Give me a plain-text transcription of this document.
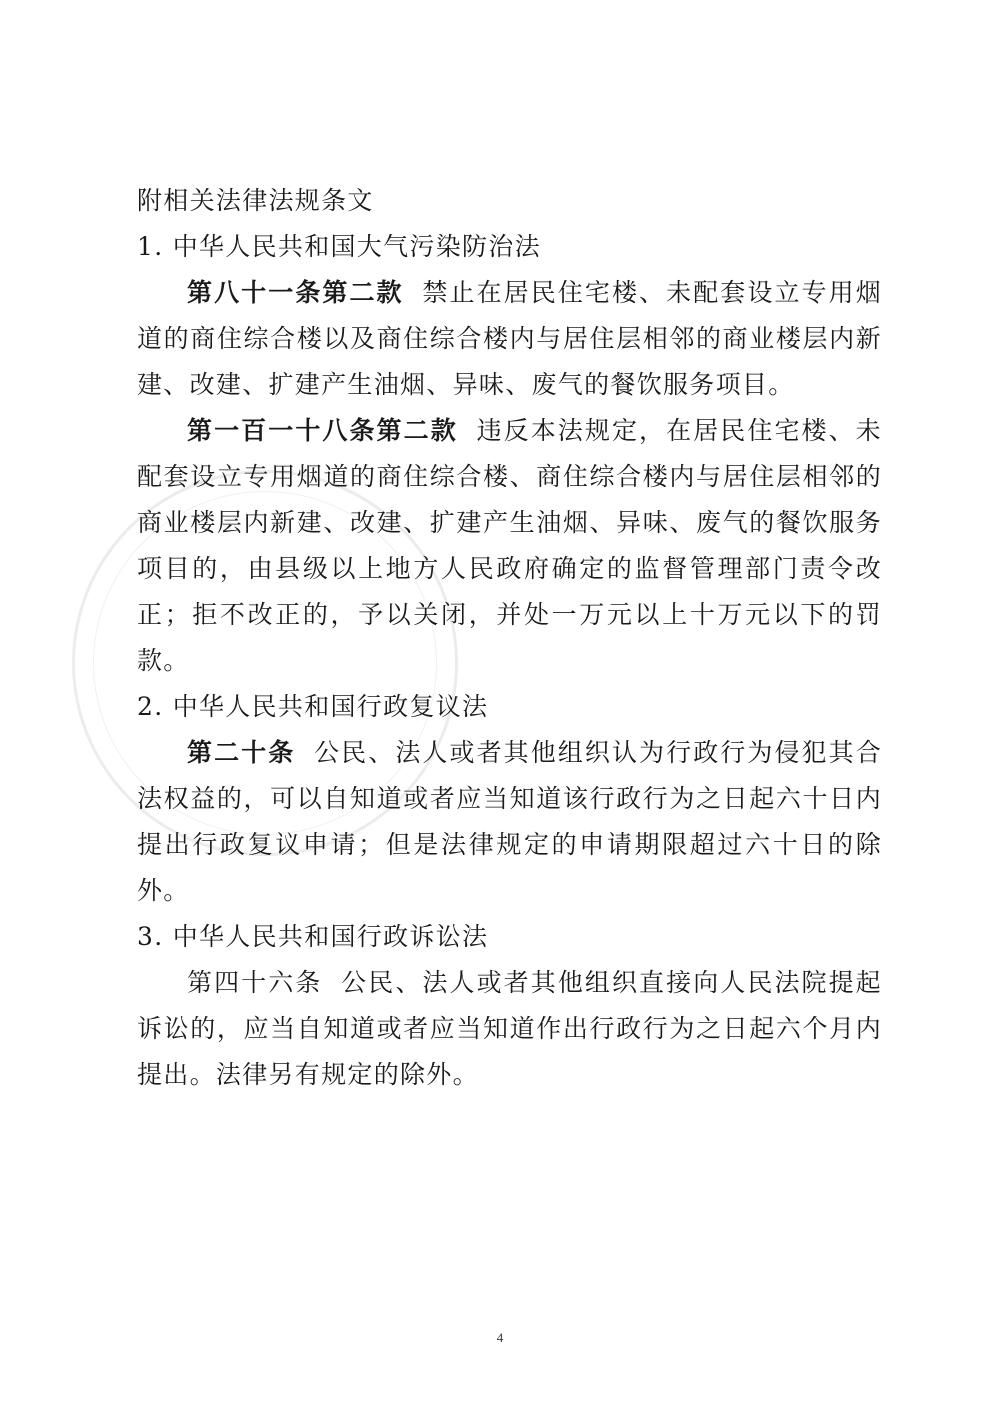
附相关法律法规条文

1. 中华人民共和国大气污染防治法

第八十一条第二款 禁止在居民住宅楼、未配套设立专用烟道的商住综合楼以及商住综合楼内与居住层相邻的商业楼层内新建、改建、扩建产生油烟、异味、废气的餐饮服务项目。

第一百一十八条第二款 违反本法规定，在居民住宅楼、未配套设立专用烟道的商住综合楼、商住综合楼内与居住层相邻的商业楼层内新建、改建、扩建产生油烟、异味、废气的餐饮服务项目的，由县级以上地方人民政府确定的监督管理部门责令改正；拒不改正的，予以关闭，并处一万元以上十万元以下的罚款。

2. 中华人民共和国行政复议法

第二十条 公民、法人或者其他组织认为行政行为侵犯其合法权益的，可以自知道或者应当知道该行政行为之日起六十日内提出行政复议申请；但是法律规定的申请期限超过六十日的除外。

3. 中华人民共和国行政诉讼法

第四十六条 公民、法人或者其他组织直接向人民法院提起诉讼的，应当自知道或者应当知道作出行政行为之日起六个月内提出。法律另有规定的除外。

4
